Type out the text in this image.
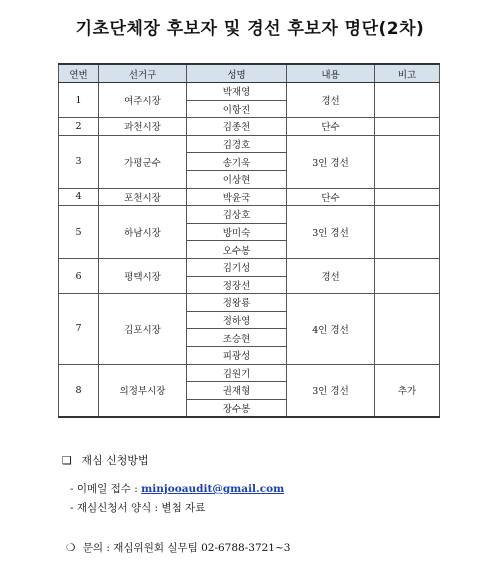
기초단체장 후보자 및 경선 후보자 명단(2차)
연번	선거구	성명	내용	비고
1	여주시장	박재영	경선	
		이항진		
2	과천시장	김종천	단수	
3	가평군수	김경호	3인 경선	
		송기욱		
		이상현		
4	포천시장	박윤국	단수	
5	하남시장	김상호	3인 경선	
		방미숙		
		오수봉		
6	평택시장	김기성	경선	
		정장선		
7	김포시장	정왕룡	4인 경선	
		정하영		
		조승현		
		피광성		
8	의정부시장	김원기	3인 경선	추가
		권재형		
		장수봉		
❑ 재심 신청방법
- 이메일 접수 : minjooaudit@gmail.com
- 재심신청서 양식 : 별첨 자료
❍ 문의 : 재심위원회 실무팀 02-6788-3721~3
